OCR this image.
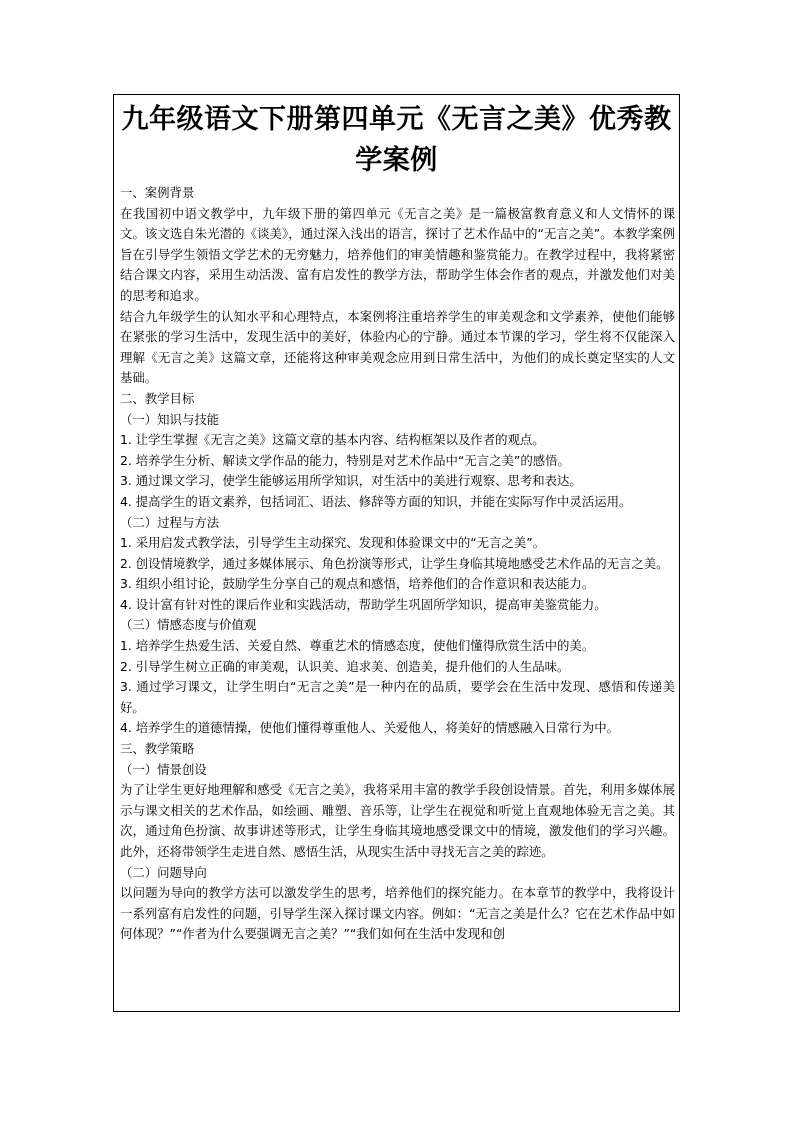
九年级语文下册第四单元《无言之美》优秀教学案例

一、案例背景

在我国初中语文教学中，九年级下册的第四单元《无言之美》是一篇极富教育意义和人文情怀的课文。该文选自朱光潜的《谈美》，通过深入浅出的语言，探讨了艺术作品中的“无言之美”。本教学案例旨在引导学生领悟文学艺术的无穷魅力，培养他们的审美情趣和鉴赏能力。在教学过程中，我将紧密结合课文内容，采用生动活泼、富有启发性的教学方法，帮助学生体会作者的观点，并激发他们对美的思考和追求。

结合九年级学生的认知水平和心理特点，本案例将注重培养学生的审美观念和文学素养，使他们能够在紧张的学习生活中，发现生活中的美好，体验内心的宁静。通过本节课的学习，学生将不仅能深入理解《无言之美》这篇文章，还能将这种审美观念应用到日常生活中，为他们的成长奠定坚实的人文基础。

二、教学目标

（一）知识与技能

1. 让学生掌握《无言之美》这篇文章的基本内容、结构框架以及作者的观点。

2. 培养学生分析、解读文学作品的能力，特别是对艺术作品中“无言之美”的感悟。

3. 通过课文学习，使学生能够运用所学知识，对生活中的美进行观察、思考和表达。

4. 提高学生的语文素养，包括词汇、语法、修辞等方面的知识，并能在实际写作中灵活运用。

（二）过程与方法

1. 采用启发式教学法，引导学生主动探究、发现和体验课文中的“无言之美”。

2. 创设情境教学，通过多媒体展示、角色扮演等形式，让学生身临其境地感受艺术作品的无言之美。

3. 组织小组讨论，鼓励学生分享自己的观点和感悟，培养他们的合作意识和表达能力。

4. 设计富有针对性的课后作业和实践活动，帮助学生巩固所学知识，提高审美鉴赏能力。

（三）情感态度与价值观

1. 培养学生热爱生活、关爱自然、尊重艺术的情感态度，使他们懂得欣赏生活中的美。

2. 引导学生树立正确的审美观，认识美、追求美、创造美，提升他们的人生品味。

3. 通过学习课文，让学生明白“无言之美”是一种内在的品质，要学会在生活中发现、感悟和传递美好。

4. 培养学生的道德情操，使他们懂得尊重他人、关爱他人，将美好的情感融入日常行为中。

三、教学策略

（一）情景创设

为了让学生更好地理解和感受《无言之美》，我将采用丰富的教学手段创设情景。首先，利用多媒体展示与课文相关的艺术作品，如绘画、雕塑、音乐等，让学生在视觉和听觉上直观地体验无言之美。其次，通过角色扮演、故事讲述等形式，让学生身临其境地感受课文中的情境，激发他们的学习兴趣。此外，还将带领学生走进自然、感悟生活，从现实生活中寻找无言之美的踪迹。

（二）问题导向

以问题为导向的教学方法可以激发学生的思考，培养他们的探究能力。在本章节的教学中，我将设计一系列富有启发性的问题，引导学生深入探讨课文内容。例如：“无言之美是什么？它在艺术作品中如何体现？”“作者为什么要强调无言之美？”“我们如何在生活中发现和创
